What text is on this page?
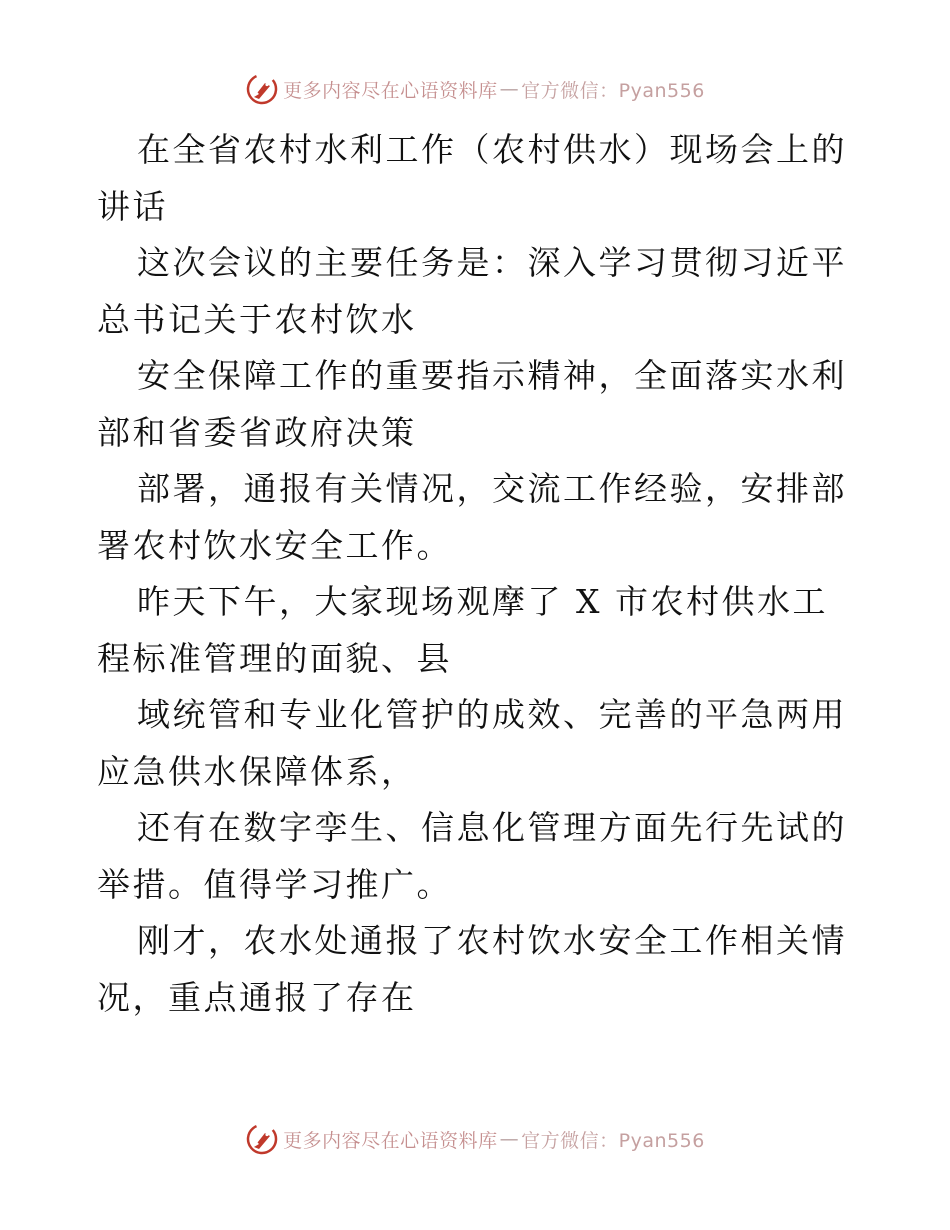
更多内容尽在心语资料库 — 官方微信：Pyan556

在全省农村水利工作（农村供水）现场会上的讲话

这次会议的主要任务是：深入学习贯彻习近平总书记关于农村饮水

安全保障工作的重要指示精神，全面落实水利部和省委省政府决策

部署，通报有关情况，交流工作经验，安排部署农村饮水安全工作。

昨天下午，大家现场观摩了 X 市农村供水工程标准管理的面貌、县

域统管和专业化管护的成效、完善的平急两用应急供水保障体系，

还有在数字孪生、信息化管理方面先行先试的举措。值得学习推广。

刚才，农水处通报了农村饮水安全工作相关情况，重点通报了存在

更多内容尽在心语资料库 — 官方微信：Pyan556
